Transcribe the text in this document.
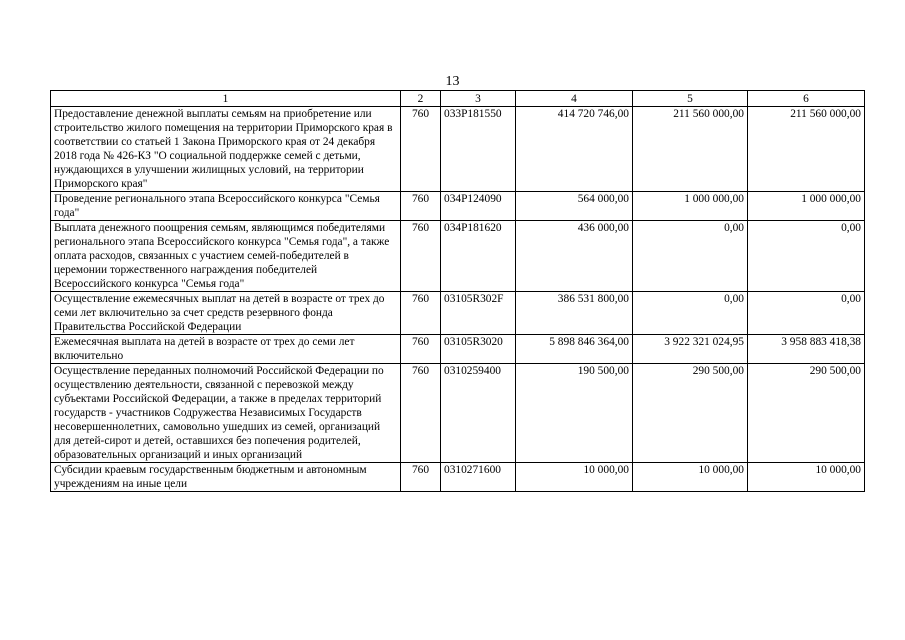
13
1	2	3	4	5	6
Предоставление денежной выплаты семьям на приобретение или строительство жилого помещения на территории Приморского края в соответствии со статьей 1 Закона Приморского края от 24 декабря 2018 года № 426-КЗ "О социальной поддержке семей с детьми, нуждающихся в улучшении жилищных условий, на территории Приморского края"	760	033P181550	414 720 746,00	211 560 000,00	211 560 000,00
Проведение регионального этапа Всероссийского конкурса "Семья года"	760	034P124090	564 000,00	1 000 000,00	1 000 000,00
Выплата денежного поощрения семьям, являющимся победителями регионального этапа Всероссийского конкурса "Семья года", а также оплата расходов, связанных с участием семей-победителей в церемонии торжественного награждения победителей Всероссийского конкурса "Семья года"	760	034P181620	436 000,00	0,00	0,00
Осуществление ежемесячных выплат на детей в возрасте от трех до семи лет включительно за счет средств резервного фонда Правительства Российской Федерации	760	03105R302F	386 531 800,00	0,00	0,00
Ежемесячная выплата на детей в возрасте от трех до семи лет включительно	760	03105R3020	5 898 846 364,00	3 922 321 024,95	3 958 883 418,38
Осуществление переданных полномочий Российской Федерации по осуществлению деятельности, связанной с перевозкой между субъектами Российской Федерации, а также в пределах территорий государств - участников Содружества Независимых Государств несовершеннолетних, самовольно ушедших из семей, организаций для детей-сирот и детей, оставшихся без попечения родителей, образовательных организаций и иных организаций	760	0310259400	190 500,00	290 500,00	290 500,00
Субсидии краевым государственным бюджетным и автономным учреждениям на иные цели	760	0310271600	10 000,00	10 000,00	10 000,00
